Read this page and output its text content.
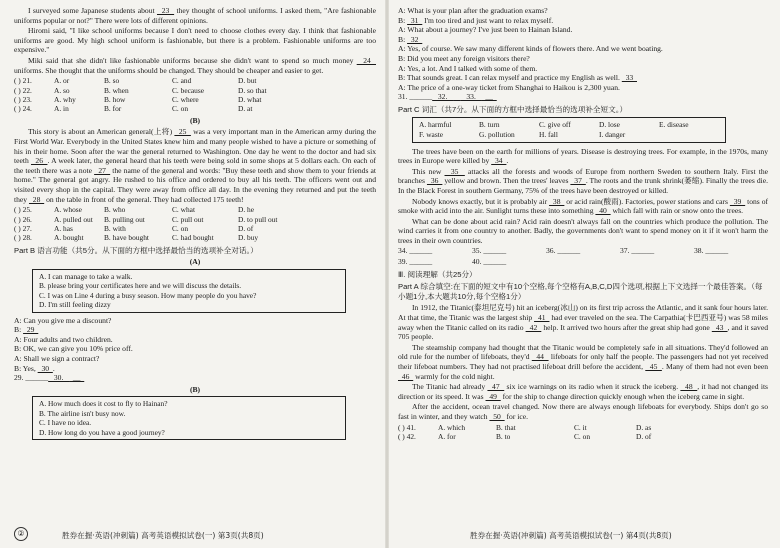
I surveyed some Japanese students about   23   they thought of school uniforms. I asked them, "Are fashionable uniforms popular or not?" There were lots of different opinions.

Hiromi said, "I like school uniforms because I don't need to choose clothes every day. I think that fashionable uniforms are good. My high school uniform is fashionable, but there is a problem. Fashionable uniforms are too expensive."

Miki said that she didn't like fashionable uniforms because she didn't want to spend so much money   24   uniforms. She thought that the uniforms should be changed. They should be cheaper and easier to get.

( ) 21.	A. or	B. so	C. and	D. but
( ) 22.	A. so	B. when	C. because	D. so that
( ) 23.	A. why	B. how	C. where	D. what
( ) 24.	A. in	B. for	C. on	D. at
(B)

This story is about an American general(上将)   25   was a very important man in the American army during the First World War. Everybody in the United States knew him and many people wished to have a picture or something of his in their home. Soon after the war the general returned to Washington. One day he went to the doctor and had six teeth   26  . A week later, the general heard that his teeth were being sold in some shops at 5 dollars each. On each of the teeth there was a note   27   the name of the general and words: "Buy these teeth and show them to your friends at home." The general got angry. He rushed to his office and ordered to buy all his teeth. The officers went out and visited every shop in the capital. They were away from office all day. In the evening they returned and put the teeth they   28   on the table in front of the general. They had collected 175 teeth!

( ) 25.	A. whose	B. who	C. what	D. he
( ) 26.	A. pulled out	B. pulling out	C. pull out	D. to pull out
( ) 27.	A. has	B. with	C. on	D. of
( ) 28.	A. bought	B. have bought	C. had bought	D. buy
Part B 语言功能（共5分。从下面的方框中选择最恰当的选项补全对话。）
(A)
A. I can manage to take a walk.
B. please bring your certificates here and we will discuss the details.
C. I was on Line 4 during a busy season. How many people do you have?
D. I'm still feeling dizzy
A: Can you give me a discount?
B:   29
A: Four adults and two children.
B: OK, we can give you 10% price off.
A: Shall we sign a contract?
B: Yes,   30  .
29. ______   30.     __
(B)
A. How much does it cost to fly to Hainan?
B. The airline isn't busy now.
C. I have no idea.
D. How long do you have a good journey?
A: What is your plan after the graduation exams?
B:   31   I'm too tired and just want to relax myself.
A: What about a journey? I've just been to Hainan Island.
B:   32
A: Yes, of course. We saw many different kinds of flowers there. And we went boating.
B: Did you meet any foreign visitors there?
A: Yes, a lot. And I talked with some of them.
B: That sounds great. I can relax myself and practice my English as well.   33
A: The price of a one-way ticket from Shanghai to Haikou is 2,300 yuan.
31. ______   32.          33.     __
Part C 词汇（共7分。从下面的方框中选择最恰当的选项补全短文。）
A. harmful	B. turn	C. give off	D. lose	E. disease
F. waste	G. pollution	H. fall	I. danger

The trees have been on the earth for millions of years. Disease is destroying trees. For example, in the 1970s, many trees in Europe were killed by   34  .

This new   35   attacks all the forests and woods of Europe from northern Sweden to southern Italy. First the branches   36   yellow and brown. Then the trees' leaves   37  . The roots and the trunk shrink(萎缩). Finally the trees die. In the Black Forest in southern Germany, 75% of the trees have been destroyed or killed.

Nobody knows exactly, but it is probably air   38   or acid rain(酸雨). Factories, power stations and cars   39   tons of smoke with acid into the air. Sunlight turns these into something   40   which fall with rain or snow onto the trees.

What can be done about acid rain? Acid rain doesn't always fall on the countries which produce the pollution. The wind carries it from one country to another. Badly, the governments don't want to spend money on it if it won't harm the trees in their own countries.

34. ______	35. ______	36. ______	37. ______	38. ______
39. ______	40. ______
Ⅲ. 阅读理解（共25分）
Part A 综合填空:在下面的短文中有10个空格,每个空格有A,B,C,D四个选项,根据上下文选择一个最佳答案。（每小题1分,本大题共10分,每个空格1分）

In 1912, the Titanic(泰坦尼克号) hit an iceberg(冰山) on its first trip across the Atlantic, and it sank four hours later. At that time, the Titanic was the largest ship   41   had ever traveled on the sea. The Carpathia(卡巴西亚号) was 58 miles away when the Titanic called on its radio   42   help. It arrived two hours after the great ship had gone   43  , and it saved 705 people.

The steamship company had thought that the Titanic would be completely safe in all situations. They'd followed an old rule for the number of lifeboats, they'd   44   lifeboats for only half the people. The passengers had not yet received their lifeboat numbers. They had not practised lifeboat drill before the accident,   45  . Many of them had not even been   46   warmly for the cold night.

The Titanic had already   47   six ice warnings on its radio when it struck the iceberg.   48  , it had not changed its direction or its speed. It was   49   for the ship to change direction quickly enough when the iceberg came in sight.

After the accident, ocean travel changed. Now there are always enough lifeboats for everybody. Ships don't go so fast in winter, and they watch   50   for ice.

( ) 41.	A. which	B. that	C. it	D. as
( ) 42.	A. for	B. to	C. on	D. of
②	胜券在握·英语(冲刺篇) 高考英语模拟试卷(一) 第3页(共8页)	胜券在握·英语(冲刺篇) 高考英语模拟试卷(一) 第4页(共8页)
